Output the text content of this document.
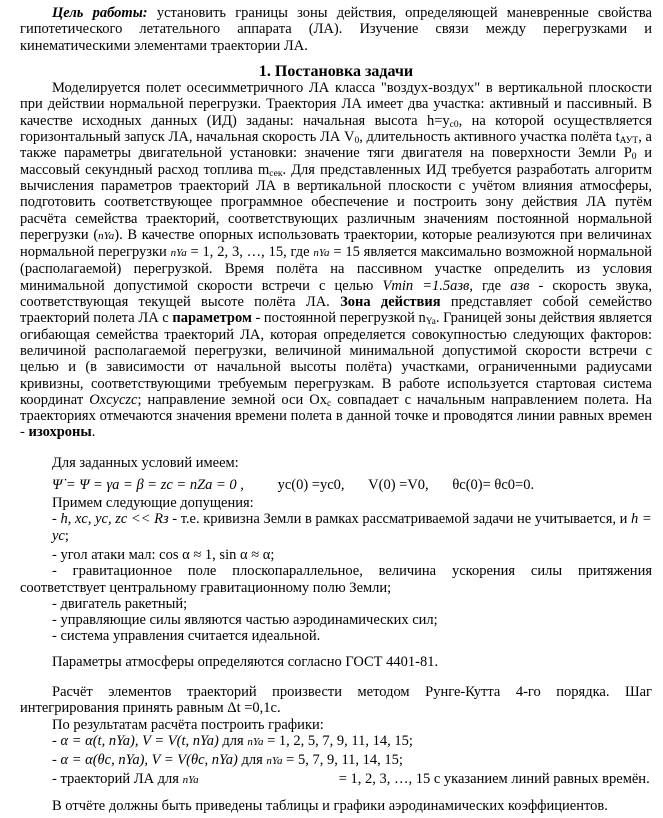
Цель работы: установить границы зоны действия, определяющей маневренные свойства гипотетического летательного аппарата (ЛА). Изучение связи между перегрузками и кинематическими элементами траектории ЛА.
1. Постановка задачи
Моделируется полет осесимметричного ЛА класса "воздух-воздух" в вертикальной плоскости при действии нормальной перегрузки. Траектория ЛА имеет два участка: активный и пассивный. В качестве исходных данных (ИД) заданы: начальная высота $h=y_{c0}$, на которой осуществляется горизонтальный запуск ЛА, начальная скорость ЛА $V_0$, длительность активного участка полёта $t_{АУТ}$, а также параметры двигательной установки: значение тяги двигателя на поверхности Земли $P_0$ и массовый секундный расход топлива $m_{сек}$. Для представленных ИД требуется разработать алгоритм вычисления параметров траекторий ЛА в вертикальной плоскости с учётом влияния атмосферы, подготовить соответствующее программное обеспечение и построить зону действия ЛА путём расчёта семейства траекторий, соответствующих различным значениям постоянной нормальной перегрузки (nYa). В качестве опорных использовать траектории, которые реализуются при величинах нормальной перегрузки nYa = 1, 2, 3, …, 15, где nYa = 15 является максимально возможной нормальной (располагаемой) перегрузкой. Время полёта на пассивном участке определить из условия минимальной допустимой скорости встречи с целью Vmin =1.5aзв, где aзв - скорость звука, соответствующая текущей высоте полёта ЛА. Зона действия представляет собой семейство траекторий полета ЛА с параметром - постоянной перегрузкой $n_{Ya}$. Границей зоны действия является огибающая семейства траекторий ЛА, которая определяется совокупностью следующих факторов: величиной располагаемой перегрузки, величиной минимальной допустимой скорости встречи с целью и (в зависимости от начальной высоты полёта) участками, ограниченными радиусами кривизны, соответствующими требуемым перегрузкам. В работе используется стартовая система координат Oxcyczc; направление земной оси $Ox_c$ совпадает с начальным направлением полета. На траекториях отмечаются значения времени полета в данной точке и проводятся линии равных времен - изохроны.
Для заданных условий имеем:
Ψ̇ = Ψ = γa = β = zc = nZa = 0 , yc(0) =yc0, V(0) =V0, θc(0)= θc0=0.
Примем следующие допущения:
- h, xc, yc, zc << Rз - т.е. кривизна Земли в рамках рассматриваемой задачи не учитывается, и h = yc;
- угол атаки мал: cos α ≈ 1, sin α ≈ α;
- гравитационное поле плоскопараллельное, величина ускорения силы притяжения соответствует центральному гравитационному полю Земли;
- двигатель ракетный;
- управляющие силы являются частью аэродинамических сил;
- система управления считается идеальной.
Параметры атмосферы определяются согласно ГОСТ 4401-81.
Расчёт элементов траекторий произвести методом Рунге-Кутта 4-го порядка. Шаг интегрирования принять равным Δt =0,1с.
По результатам расчёта построить графики:
- α = α(t, nYa), V = V(t, nYa) для nYa = 1, 2, 5, 7, 9, 11, 14, 15;
- α = α(θc, nYa), V = V(θc, nYa) для nYa = 5, 7, 9, 11, 14, 15;
- траекторий ЛА для nYa	= 1, 2, 3, …, 15 с указанием линий равных времён.
В отчёте должны быть приведены таблицы и графики аэродинамических коэффициентов.
